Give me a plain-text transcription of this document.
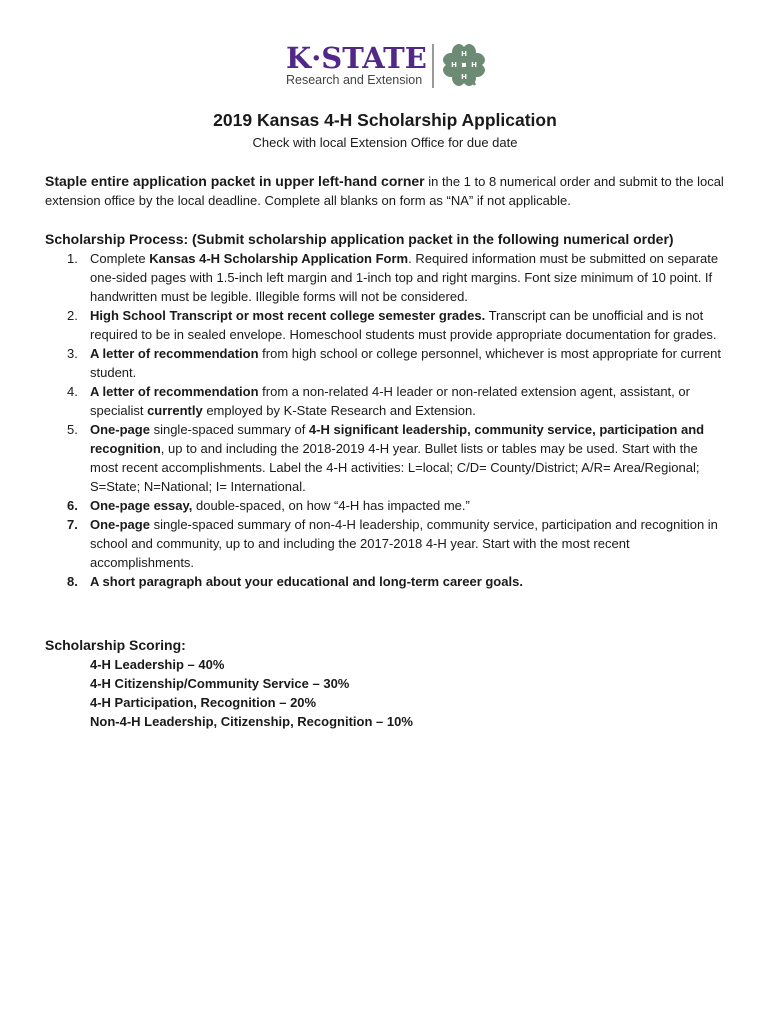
K·STATE
Research and Extension
H
H
H
H
2019 Kansas 4-H Scholarship Application
Check with local Extension Office for due date
Staple entire application packet in upper left-hand corner in the 1 to 8 numerical order and submit to the local extension office by the local deadline. Complete all blanks on form as “NA” if not applicable.
Scholarship Process: (Submit scholarship application packet in the following numerical order)
1. Complete Kansas 4-H Scholarship Application Form. Required information must be submitted on separate one-sided pages with 1.5-inch left margin and 1-inch top and right margins. Font size minimum of 10 point. If handwritten must be legible. Illegible forms will not be considered.
2. High School Transcript or most recent college semester grades. Transcript can be unofficial and is not required to be in sealed envelope. Homeschool students must provide appropriate documentation for grades.
3. A letter of recommendation from high school or college personnel, whichever is most appropriate for current student.
4. A letter of recommendation from a non-related 4-H leader or non-related extension agent, assistant, or specialist currently employed by K-State Research and Extension.
5. One-page single-spaced summary of 4-H significant leadership, community service, participation and recognition, up to and including the 2018-2019 4-H year. Bullet lists or tables may be used. Start with the most recent accomplishments. Label the 4-H activities: L=local; C/D= County/District; A/R= Area/Regional; S=State; N=National; I= International.
6. One-page essay, double-spaced, on how “4-H has impacted me.”
7. One-page single-spaced summary of non-4-H leadership, community service, participation and recognition in school and community, up to and including the 2017-2018 4-H year. Start with the most recent accomplishments.
8. A short paragraph about your educational and long-term career goals.
Scholarship Scoring:
4-H Leadership – 40%
4-H Citizenship/Community Service – 30%
4-H Participation, Recognition – 20%
Non-4-H Leadership, Citizenship, Recognition – 10%
